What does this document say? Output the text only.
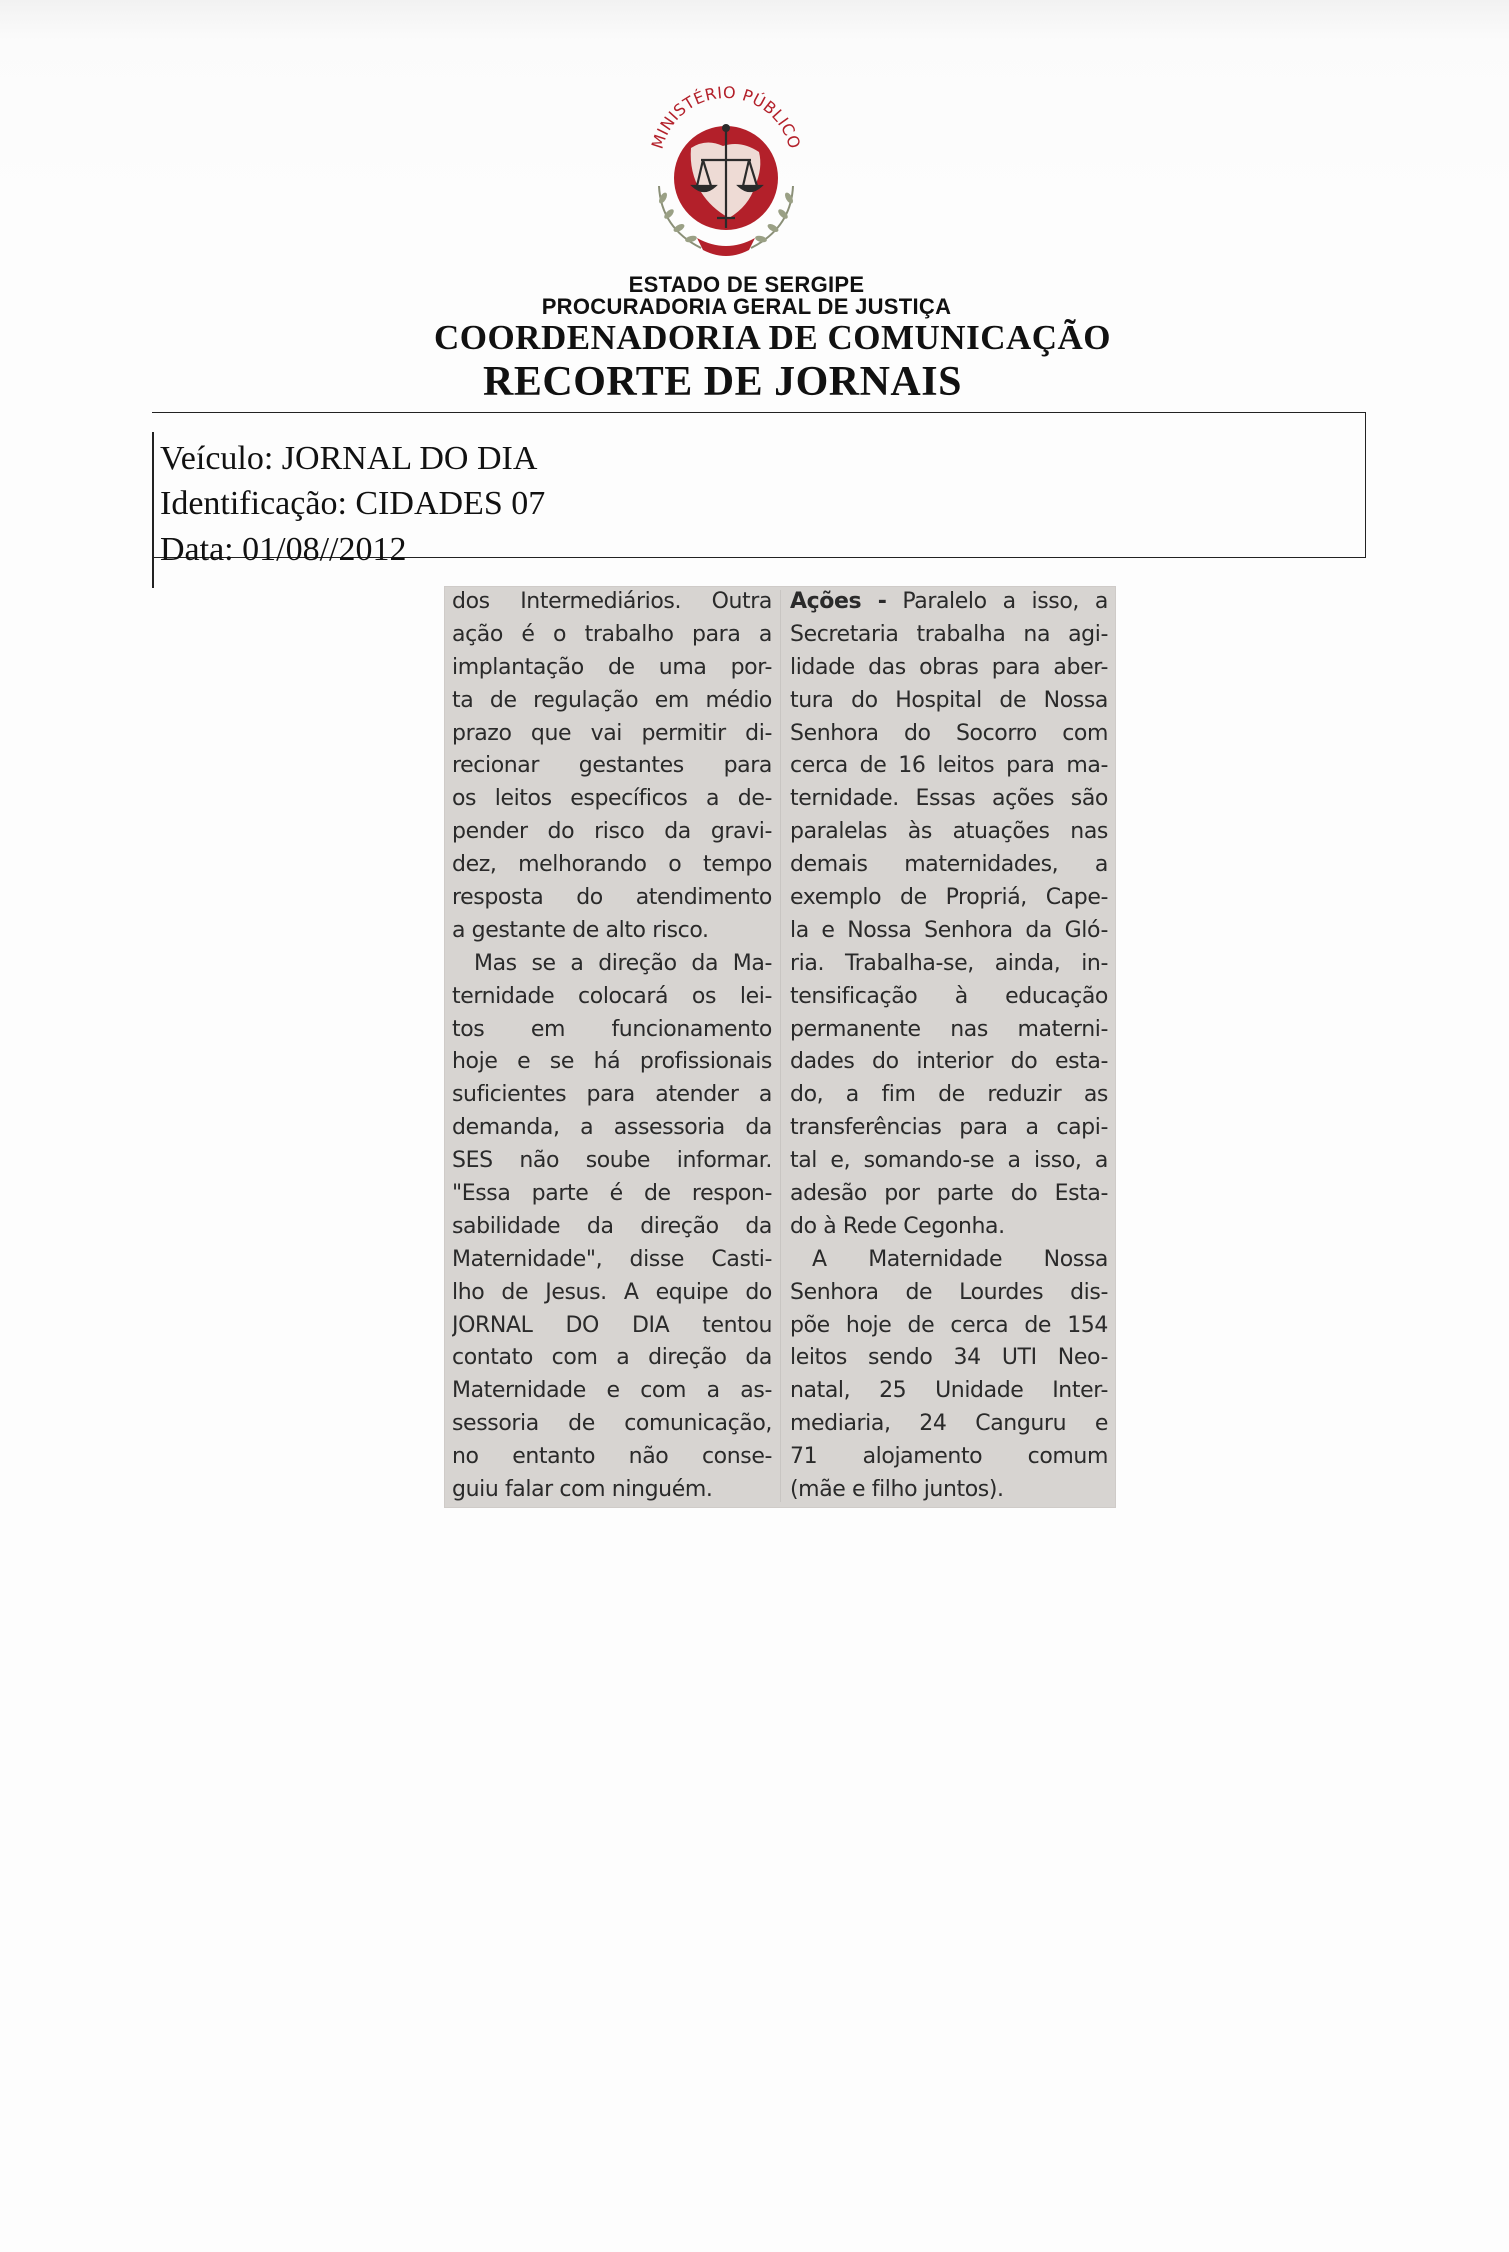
MINISTÉRIO PÚBLICO
ESTADO DE SERGIPE
PROCURADORIA GERAL DE JUSTIÇA
COORDENADORIA DE COMUNICAÇÃO
RECORTE DE JORNAIS
Veículo: JORNAL DO DIA
Identificação: CIDADES 07
Data: 01/08//2012
dos Intermediários. Outra
ação é o trabalho para a
implantação de uma por-
ta de regulação em médio
prazo que vai permitir di-
recionar gestantes para
os leitos específicos a de-
pender do risco da gravi-
dez, melhorando o tempo
resposta do atendimento
a gestante de alto risco.
Mas se a direção da Ma-
ternidade colocará os lei-
tos em funcionamento
hoje e se há profissionais
suficientes para atender a
demanda, a assessoria da
SES não soube informar.
"Essa parte é de respon-
sabilidade da direção da
Maternidade", disse Casti-
lho de Jesus. A equipe do
JORNAL DO DIA tentou
contato com a direção da
Maternidade e com a as-
sessoria de comunicação,
no entanto não conse-
guiu falar com ninguém.
Ações - Paralelo a isso, a
Secretaria trabalha na agi-
lidade das obras para aber-
tura do Hospital de Nossa
Senhora do Socorro com
cerca de 16 leitos para ma-
ternidade. Essas ações são
paralelas às atuações nas
demais maternidades, a
exemplo de Propriá, Cape-
la e Nossa Senhora da Gló-
ria. Trabalha-se, ainda, in-
tensificação à educação
permanente nas materni-
dades do interior do esta-
do, a fim de reduzir as
transferências para a capi-
tal e, somando-se a isso, a
adesão por parte do Esta-
do à Rede Cegonha.
A Maternidade Nossa
Senhora de Lourdes dis-
põe hoje de cerca de 154
leitos sendo 34 UTI Neo-
natal, 25 Unidade Inter-
mediaria, 24 Canguru e
71 alojamento comum
(mãe e filho juntos).
